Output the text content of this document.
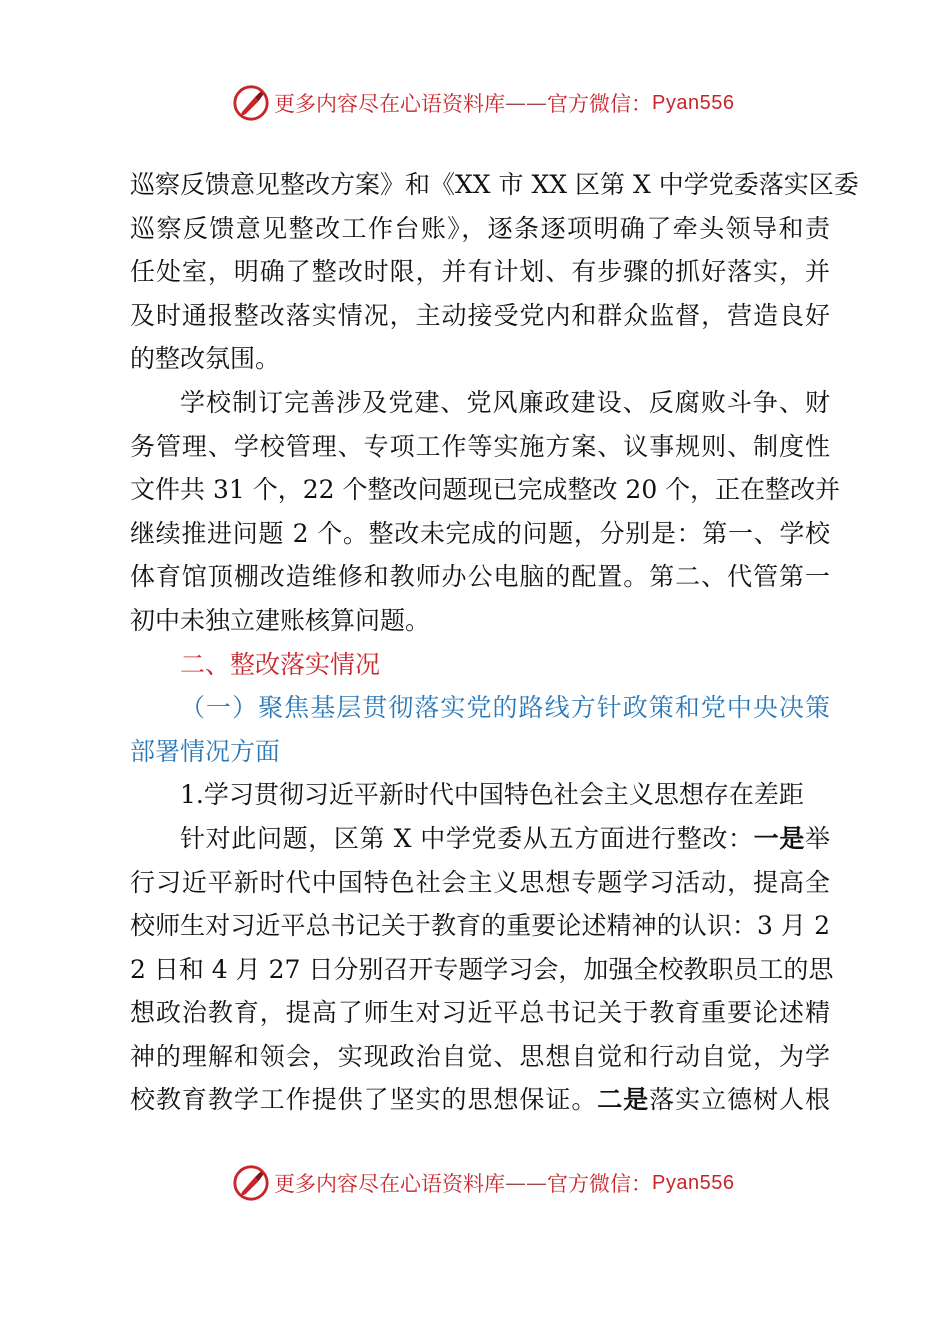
更多内容尽在心语资料库 —— 官方微信： Pyan556
巡察反馈意见整改方案》和《XX 市 XX 区第 X 中学党委落实区委
巡察反馈意见整改工作台账》，逐条逐项明确了牵头领导和责
任处室，明确了整改时限，并有计划、有步骤的抓好落实，并
及时通报整改落实情况，主动接受党内和群众监督，营造良好
的整改氛围。
学校制订完善涉及党建、党风廉政建设、反腐败斗争、财
务管理、学校管理、专项工作等实施方案、议事规则、制度性
文件共 31 个，22 个整改问题现已完成整改 20 个，正在整改并
继续推进问题 2 个。整改未完成的问题，分别是：第一、学校
体育馆顶棚改造维修和教师办公电脑的配置。第二、代管第一
初中未独立建账核算问题。
二、整改落实情况
（一）聚焦基层贯彻落实党的路线方针政策和党中央决策
部署情况方面
1.学习贯彻习近平新时代中国特色社会主义思想存在差距
针对此问题，区第 X 中学党委从五方面进行整改：一是举
行习近平新时代中国特色社会主义思想专题学习活动，提高全
校师生对习近平总书记关于教育的重要论述精神的认识：3 月 2
2 日和 4 月 27 日分别召开专题学习会，加强全校教职员工的思
想政治教育，提高了师生对习近平总书记关于教育重要论述精
神的理解和领会，实现政治自觉、思想自觉和行动自觉，为学
校教育教学工作提供了坚实的思想保证。二是落实立德树人根
更多内容尽在心语资料库 —— 官方微信： Pyan556
